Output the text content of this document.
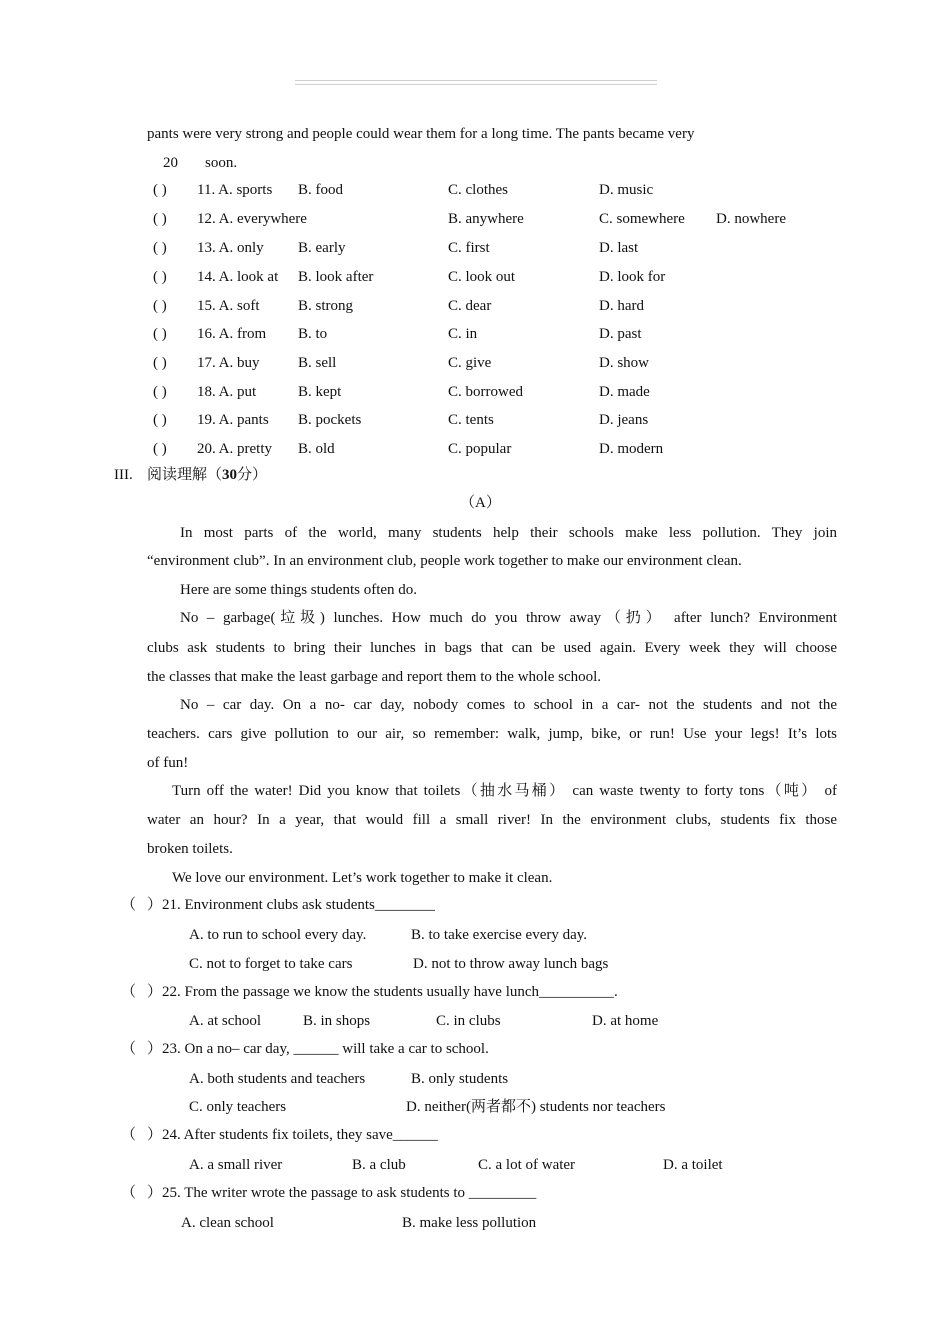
pants were very strong and people could wear them for a long time. The pants became very
20 soon.
( ) 11. A. sports B. food	C. clothes	D. music
( ) 12. A. everywhere	B. anywhere	C. somewhere D. nowhere
( ) 13. A. only B. early	C. first	D. last
( ) 14. A. look at B. look after	C. look out	D. look for
( ) 15. A. soft	B. strong	C. dear	D. hard
( ) 16. A. from B. to	C. in	D. past
( ) 17. A. buy	B. sell	C. give	D. show
( ) 18. A. put	B. kept	C. borrowed	D. made
( ) 19. A. pants B. pockets	C. tents	D. jeans
( ) 20. A. pretty B. old	C. popular	D. modern
III. 阅读理解（30分）
（A）
In most parts of the world, many students help their schools make less pollution. They join
“environment club”. In an environment club, people work together to make our environment clean.
Here are some things students often do.
No – garbage(垃圾) lunches. How much do you throw away（扔） after lunch? Environment
clubs ask students to bring their lunches in bags that can be used again. Every week they will choose
the classes that make the least garbage and report them to the whole school.
No – car day. On a no- car day, nobody comes to school in a car- not the students and not the
teachers. cars give pollution to our air, so remember: walk, jump, bike, or run! Use your legs! It’s lots
of fun!
Turn off the water! Did you know that toilets（抽水马桶） can waste twenty to forty tons（吨） of
water an hour? In a year, that would fill a small river! In the environment clubs, students fix those
broken toilets.
We love our environment. Let’s work together to make it clean.
（ ）21. Environment clubs ask students________
A. to run to school every day.	B. to take exercise every day.
C. not to forget to take cars	D. not to throw away lunch bags
（ ）22. From the passage we know the students usually have lunch__________.
A. at school	B. in shops	C. in clubs	D. at home
（ ）23. On a no– car day, ______ will take a car to school.
A. both students and teachers	B. only students
C. only teachers	D. neither(两者都不) students nor teachers
（ ）24. After students fix toilets, they save______
A. a small river	B. a club	C. a lot of water	D. a toilet
（ ）25. The writer wrote the passage to ask students to _________
A. clean school	B. make less pollution
